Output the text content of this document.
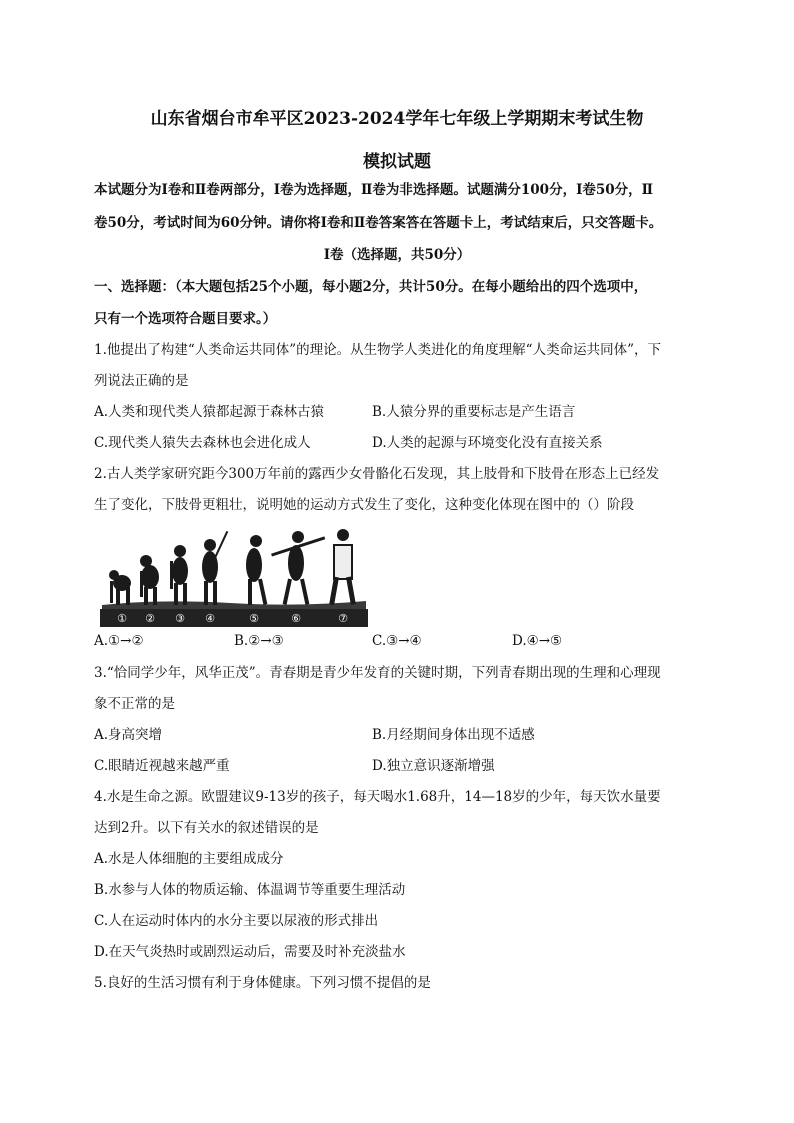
山东省烟台市牟平区2023-2024学年七年级上学期期末考试生物
模拟试题
本试题分为Ⅰ卷和Ⅱ卷两部分，Ⅰ卷为选择题，Ⅱ卷为非选择题。试题满分100分，Ⅰ卷50分，Ⅱ
卷50分，考试时间为60分钟。请你将Ⅰ卷和Ⅱ卷答案答在答题卡上，考试结束后，只交答题卡。
Ⅰ卷（选择题，共50分）
一、选择题：（本大题包括25个小题，每小题2分，共计50分。在每小题给出的四个选项中，
只有一个选项符合题目要求。）
1.他提出了构建“人类命运共同体”的理论。从生物学人类进化的角度理解“人类命运共同体”，下
列说法正确的是
A.人类和现代类人猿都起源于森林古猿	B.人猿分界的重要标志是产生语言
C.现代类人猿失去森林也会进化成人	D.人类的起源与环境变化没有直接关系
2.古人类学家研究距今300万年前的露西少女骨骼化石发现，其上肢骨和下肢骨在形态上已经发
生了变化，下肢骨更粗壮，说明她的运动方式发生了变化，这种变化体现在图中的（）阶段
① ② ③ ④	⑤	⑥	⑦
A.①→②	B.②→③	C.③→④	D.④→⑤
3.“恰同学少年，风华正茂”。青春期是青少年发育的关键时期，下列青春期出现的生理和心理现
象不正常的是
A.身高突增	B.月经期间身体出现不适感
C.眼睛近视越来越严重	D.独立意识逐渐增强
4.水是生命之源。欧盟建议9-13岁的孩子，每天喝水1.68升，14—18岁的少年，每天饮水量要
达到2升。以下有关水的叙述错误的是
A.水是人体细胞的主要组成成分
B.水参与人体的物质运输、体温调节等重要生理活动
C.人在运动时体内的水分主要以尿液的形式排出
D.在天气炎热时或剧烈运动后，需要及时补充淡盐水
5.良好的生活习惯有利于身体健康。下列习惯不提倡的是
